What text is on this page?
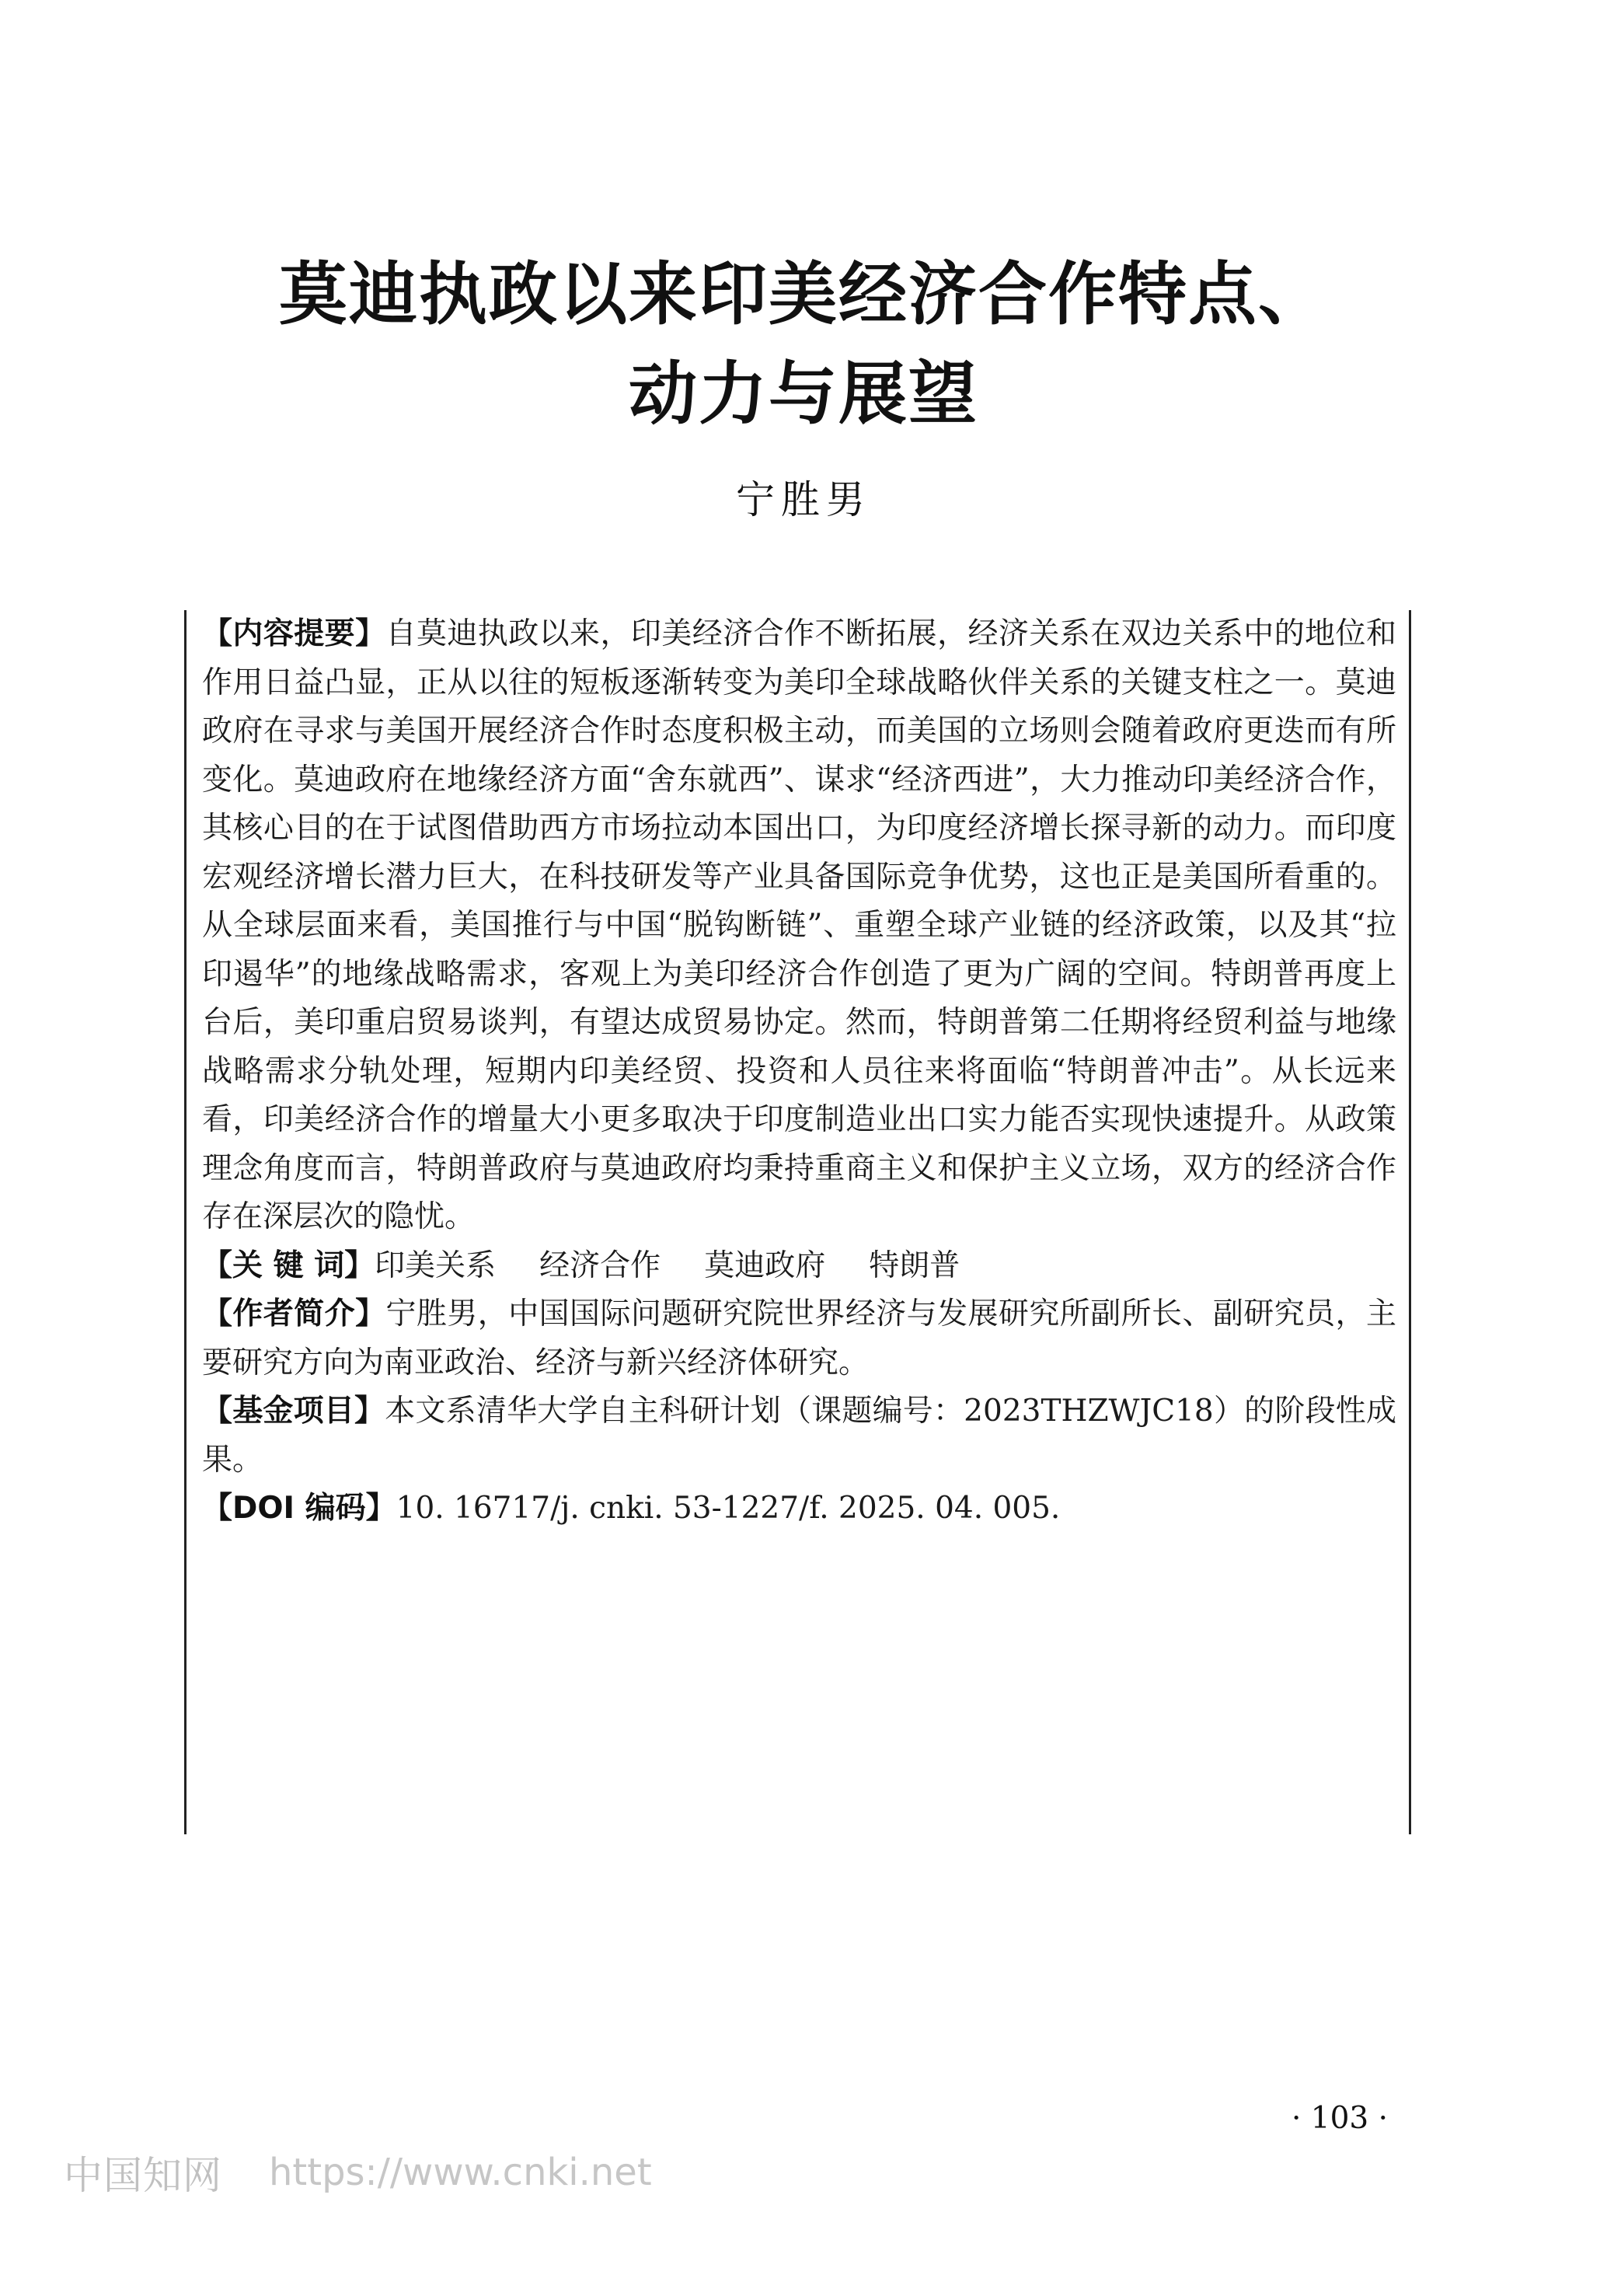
莫迪执政以来印美经济合作特点、
动力与展望
宁胜男

【内容提要】自莫迪执政以来，印美经济合作不断拓展，经济关系在双边关系中的地位和作用日益凸显，正从以往的短板逐渐转变为美印全球战略伙伴关系的关键支柱之一。莫迪政府在寻求与美国开展经济合作时态度积极主动，而美国的立场则会随着政府更迭而有所变化。莫迪政府在地缘经济方面“舍东就西”、谋求“经济西进”，大力推动印美经济合作，其核心目的在于试图借助西方市场拉动本国出口，为印度经济增长探寻新的动力。而印度宏观经济增长潜力巨大，在科技研发等产业具备国际竞争优势，这也正是美国所看重的。从全球层面来看，美国推行与中国“脱钩断链”、重塑全球产业链的经济政策，以及其“拉印遏华”的地缘战略需求，客观上为美印经济合作创造了更为广阔的空间。特朗普再度上台后，美印重启贸易谈判，有望达成贸易协定。然而，特朗普第二任期将经贸利益与地缘战略需求分轨处理，短期内印美经贸、投资和人员往来将面临“特朗普冲击”。从长远来看，印美经济合作的增量大小更多取决于印度制造业出口实力能否实现快速提升。从政策理念角度而言，特朗普政府与莫迪政府均秉持重商主义和保护主义立场，双方的经济合作存在深层次的隐忧。

【关 键 词】印美关系 经济合作 莫迪政府 特朗普

【作者简介】宁胜男，中国国际问题研究院世界经济与发展研究所副所长、副研究员，主要研究方向为南亚政治、经济与新兴经济体研究。

【基金项目】本文系清华大学自主科研计划（课题编号：2023THZWJC18）的阶段性成果。

【DOI 编码】10. 16717/j. cnki. 53-1227/f. 2025. 04. 005.

· 103 ·
中国知网 https://www.cnki.net
